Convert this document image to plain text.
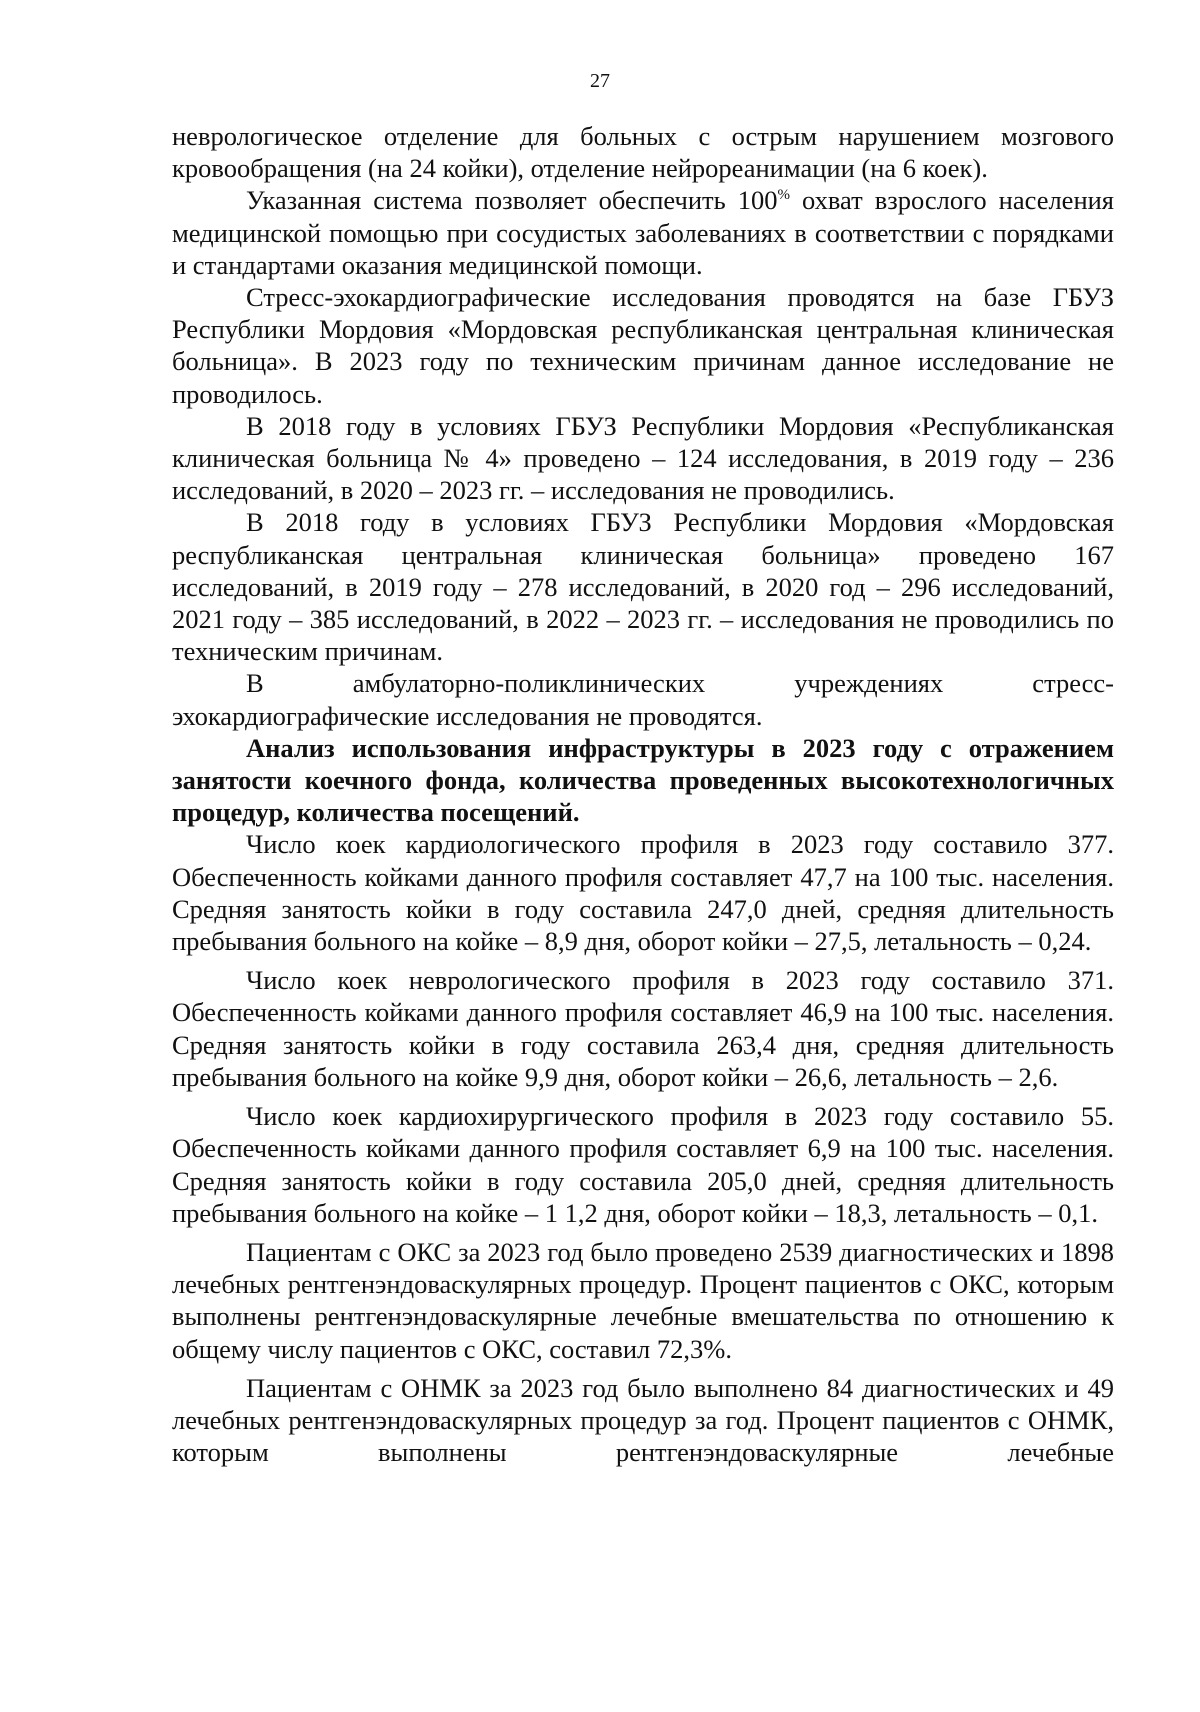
27

неврологическое отделение для больных с острым нарушением мозгового кровообращения (на 24 койки), отделение нейрореанимации (на 6 коек).

Указанная система позволяет обеспечить 100% охват взрослого населения медицинской помощью при сосудистых заболеваниях в соответствии с порядками и стандартами оказания медицинской помощи.

Стресс-эхокардиографические исследования проводятся на базе ГБУЗ Республики Мордовия «Мордовская республиканская центральная клиническая больница». В 2023 году по техническим причинам данное исследование не проводилось.

В 2018 году в условиях ГБУЗ Республики Мордовия «Республиканская клиническая больница № 4» проведено – 124 исследования, в 2019 году – 236 исследований, в 2020 – 2023 гг. – исследования не проводились.

В 2018 году в условиях ГБУЗ Республики Мордовия «Мордовская республиканская центральная клиническая больница» проведено 167 исследований, в 2019 году – 278 исследований, в 2020 год – 296 исследований, 2021 году – 385 исследований, в 2022 – 2023 гг. – исследования не проводились по техническим причинам.

В амбулаторно-поликлинических учреждениях стресс-эхокардиографические исследования не проводятся.

Анализ использования инфраструктуры в 2023 году с отражением занятости коечного фонда, количества проведенных высокотехнологичных процедур, количества посещений.

Число коек кардиологического профиля в 2023 году составило 377. Обеспеченность койками данного профиля составляет 47,7 на 100 тыс. населения. Средняя занятость койки в году составила 247,0 дней, средняя длительность пребывания больного на койке – 8,9 дня, оборот койки – 27,5, летальность – 0,24.

Число коек неврологического профиля в 2023 году составило 371. Обеспеченность койками данного профиля составляет 46,9 на 100 тыс. населения. Средняя занятость койки в году составила 263,4 дня, средняя длительность пребывания больного на койке 9,9 дня, оборот койки – 26,6, летальность – 2,6.

Число коек кардиохирургического профиля в 2023 году составило 55. Обеспеченность койками данного профиля составляет 6,9 на 100 тыс. населения. Средняя занятость койки в году составила 205,0 дней, средняя длительность пребывания больного на койке – 1 1,2 дня, оборот койки – 18,3, летальность – 0,1.

Пациентам с ОКС за 2023 год было проведено 2539 диагностических и 1898 лечебных рентгенэндоваскулярных процедур. Процент пациентов с ОКС, которым выполнены рентгенэндоваскулярные лечебные вмешательства по отношению к общему числу пациентов с ОКС, составил 72,3%.

Пациентам с ОНМК за 2023 год было выполнено 84 диагностических и 49 лечебных рентгенэндоваскулярных процедур за год. Процент пациентов с ОНМК, которым выполнены рентгенэндоваскулярные лечебные
